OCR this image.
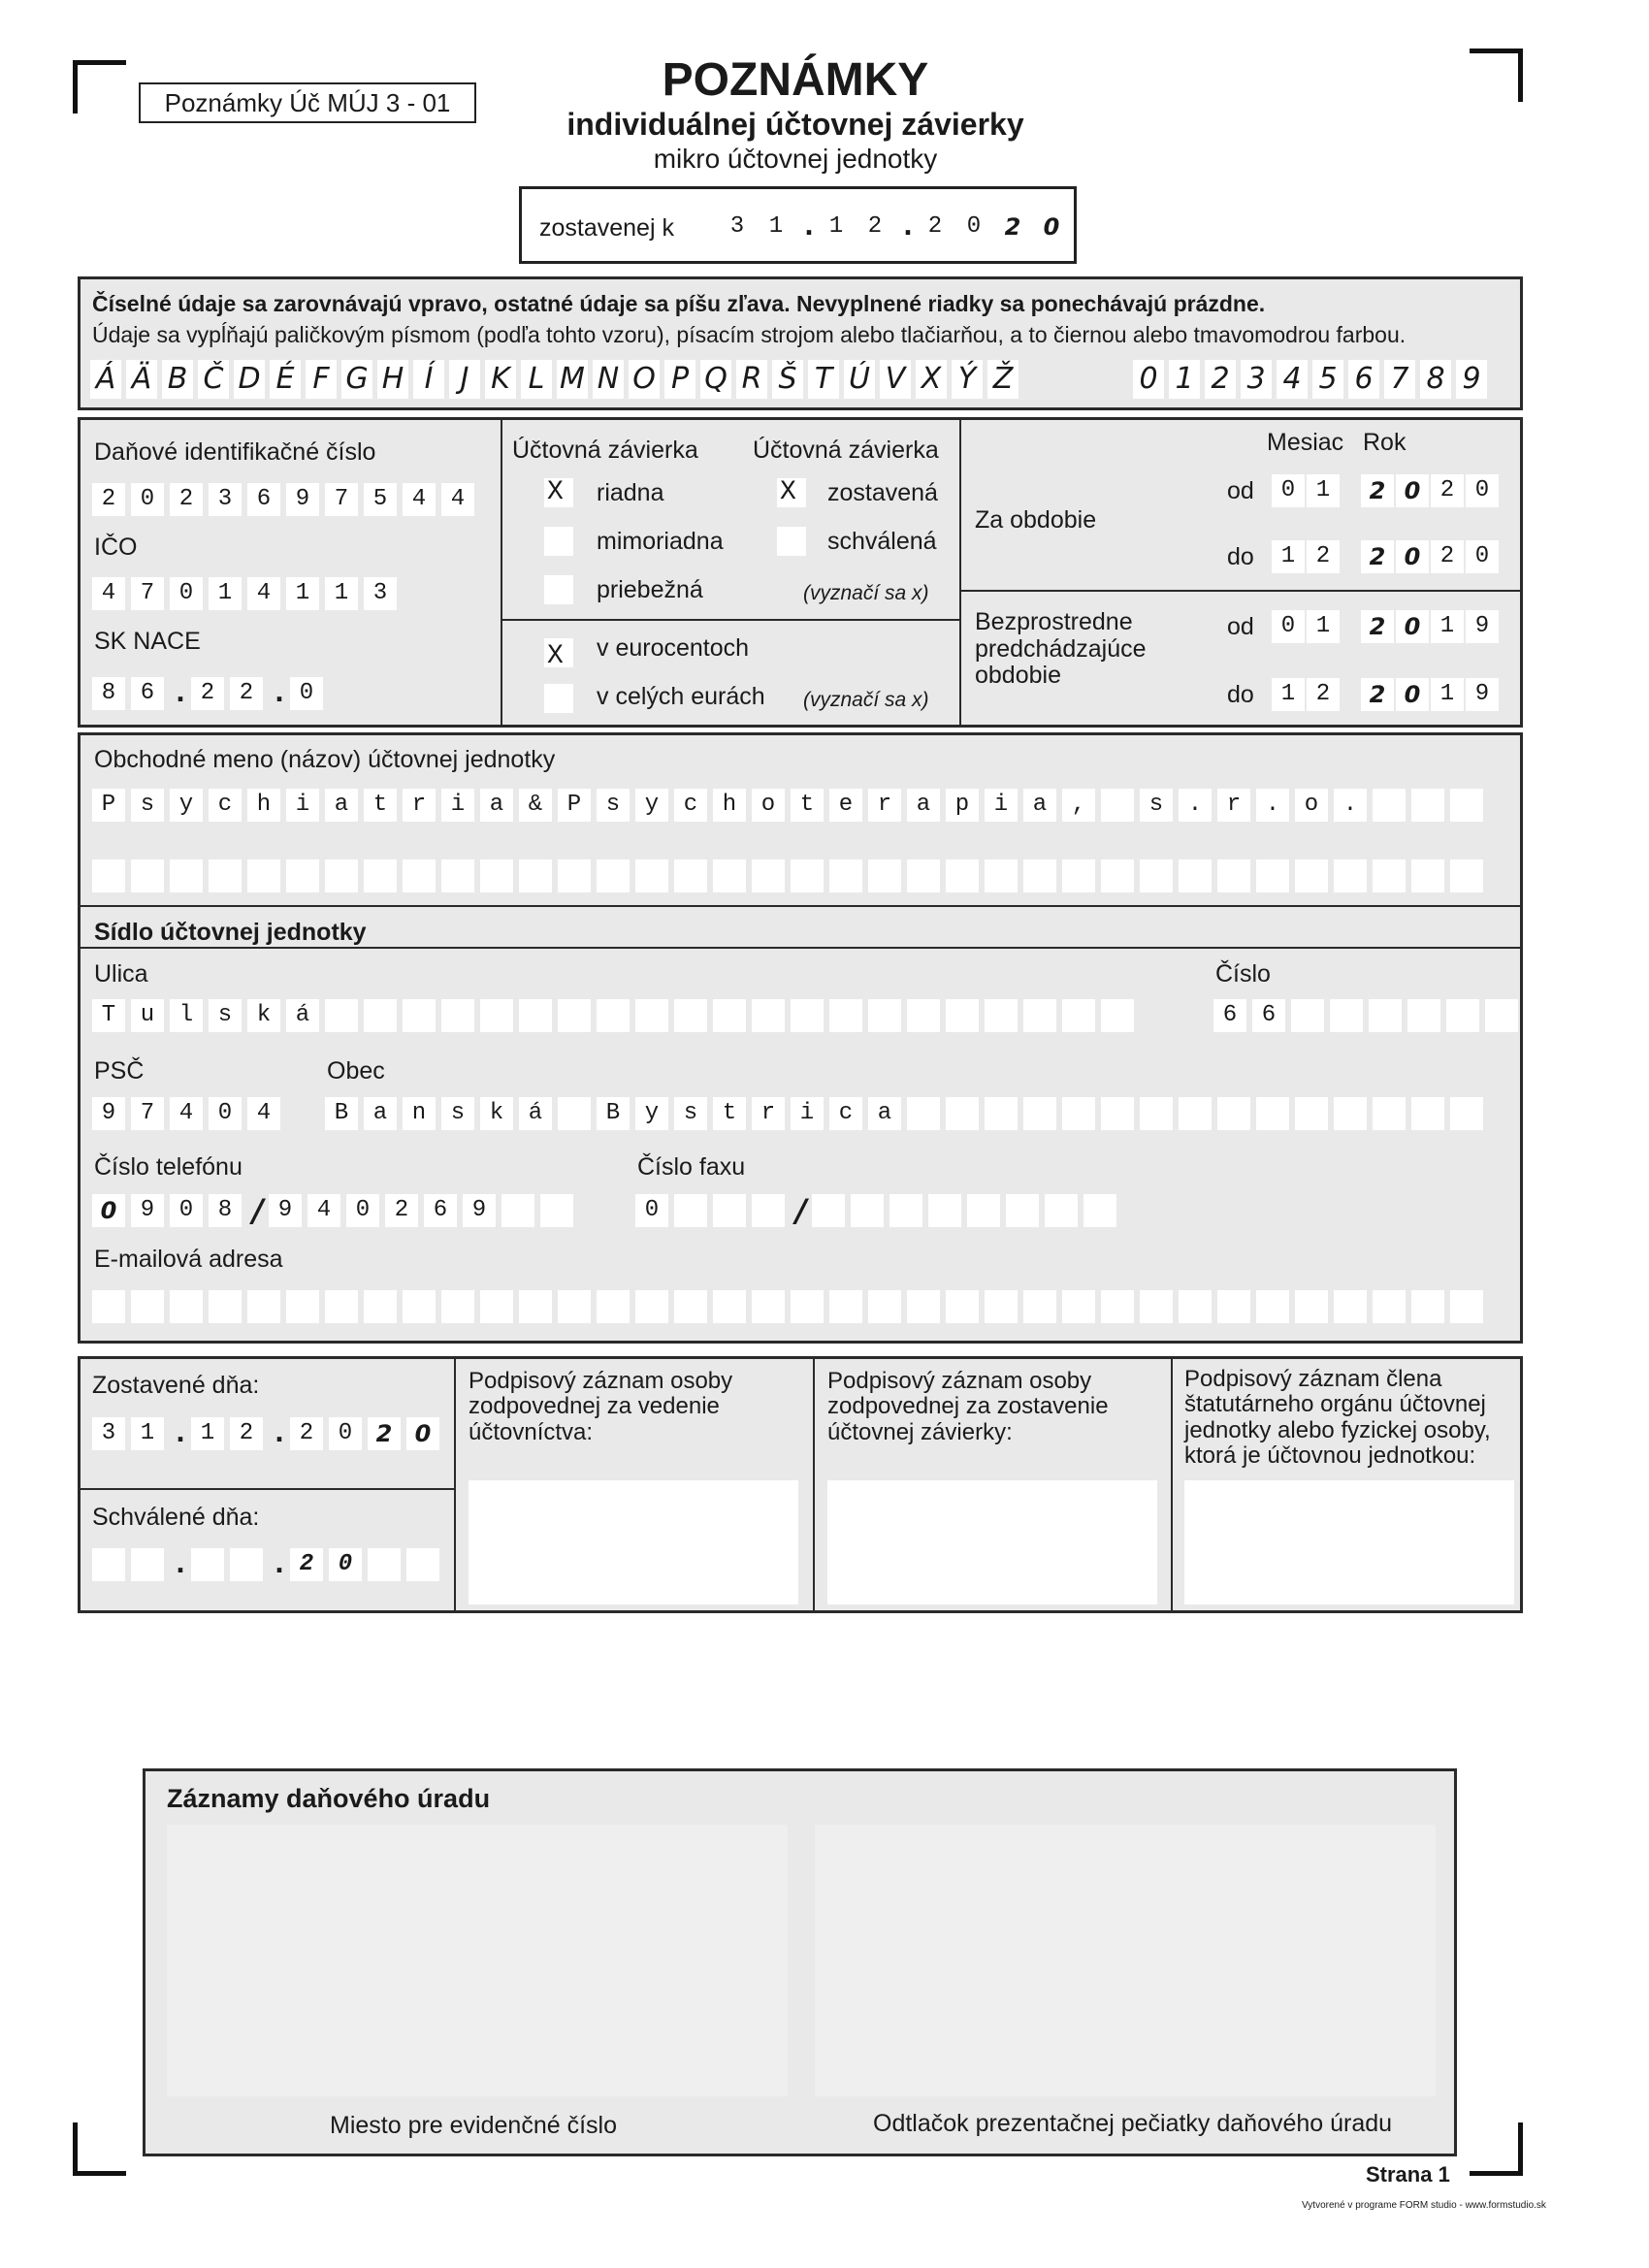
Poznámky Úč MÚJ 3 - 01	POZNÁMKY
individuálnej účtovnej závierky
mikro účtovnej jednotky
zostavenej k	3	1 . 1	2 . 2	0	2 0
Číselné údaje sa zarovnávajú vpravo, ostatné údaje sa píšu zľava. Nevyplnené riadky sa ponechávajú prázdne.
Údaje sa vypĺňajú paličkovým písmom (podľa tohto vzoru), písacím strojom alebo tlačiarňou, a to čiernou alebo tmavomodrou farbou.
Á Ä B Č D É F G H Í J K L M N O P Q R Š T Ú V X Ý Ž	0 1 2 3 4 5 6 7 8 9
Daňové identifikačné číslo
2	0	2	3	6	9	7	5	4	4
IČO
4	7	0	1	4	1	1	3
SK NACE
8	6 . 2	2 . 0
Účtovná závierka Účtovná závierka
X riadna	X zostavená
mimoriadna	schválená
priebežná	(vyznačí sa x)
X v eurocentoch
v celých eurách (vyznačí sa x)
Mesiac Rok
Za obdobie
od	0 1	2 0 2 0
do	1 2	2 0 2 0
Bezprostredne predchádzajúce obdobie
od	0 1	2 0 1 9
do	1 2	2 0 1 9
Obchodné meno (názov) účtovnej jednotky
P	s	y	c	h	i	a	t	r	i	a	&	P	s	y	c	h	o	t	e	r	a	p	i	a	,	s	.	r	.	o	.
Sídlo účtovnej jednotky
Ulica
T	u	l	s	k	á
Číslo
6	6
PSČ
9	7	4	0	4
Obec
B	a	n	s	k	á	B	y	s	t	r	i	c	a
Číslo telefónu
0	9	0	8 / 9	4	0	2	6	9
Číslo faxu
0	/
E-mailová adresa
Zostavené dňa:
3	1 . 1	2 . 2	0	2 0
Schválené dňa:
.	. 2	0
Podpisový záznam osoby zodpovednej za vedenie účtovníctva:
Podpisový záznam osoby zodpovednej za zostavenie účtovnej závierky:
Podpisový záznam člena štatutárneho orgánu účtovnej jednotky alebo fyzickej osoby, ktorá je účtovnou jednotkou:
Záznamy daňového úradu
Miesto pre evidenčné číslo	Odtlačok prezentačnej pečiatky daňového úradu
Strana 1
Vytvorené v programe FORM studio - www.formstudio.sk
